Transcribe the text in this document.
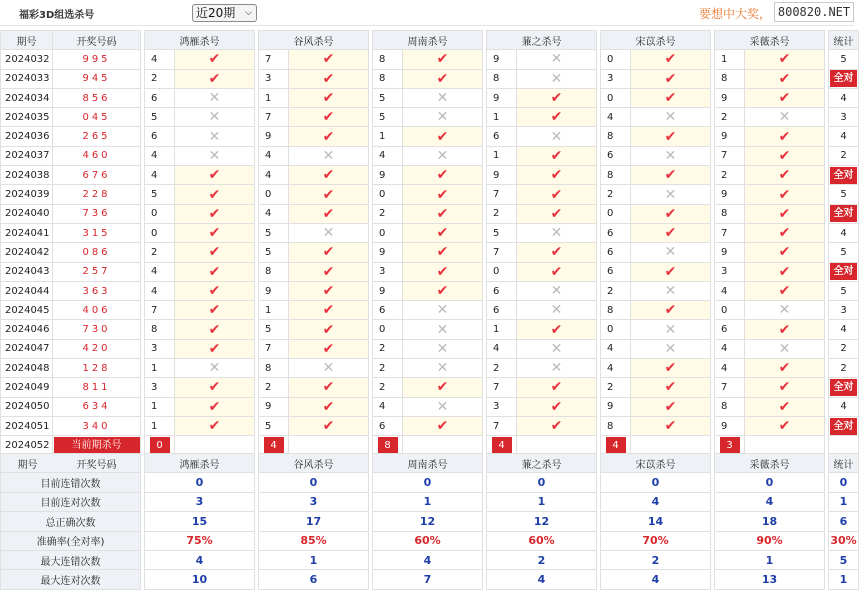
福彩3D组选杀号	近20期 ⌵	要想中大奖， 800820.NET
期号	开奖号码		鸿雁杀号			谷风杀号			周南杀号			蒹之杀号			宋苡杀号			采薇杀号			统计
2024032	995		4	✔		7	✔		8	✔		9	✕		0	✔		1	✔		5
2024033	945		2	✔		3	✔		8	✔		8	✕		3	✔		8	✔		全对
2024034	856		6	✕		1	✔		5	✕		9	✔		0	✔		9	✔		4
2024035	045		5	✕		7	✔		5	✕		1	✔		4	✕		2	✕		3
2024036	265		6	✕		9	✔		1	✔		6	✕		8	✔		9	✔		4
2024037	460		4	✕		4	✕		4	✕		1	✔		6	✕		7	✔		2
2024038	676		4	✔		4	✔		9	✔		9	✔		8	✔		2	✔		全对
2024039	228		5	✔		0	✔		0	✔		7	✔		2	✕		9	✔		5
2024040	736		0	✔		4	✔		2	✔		2	✔		0	✔		8	✔		全对
2024041	315		0	✔		5	✕		0	✔		5	✕		6	✔		7	✔		4
2024042	086		2	✔		5	✔		9	✔		7	✔		6	✕		9	✔		5
2024043	257		4	✔		8	✔		3	✔		0	✔		6	✔		3	✔		全对
2024044	363		4	✔		9	✔		9	✔		6	✕		2	✕		4	✔		5
2024045	406		7	✔		1	✔		6	✕		6	✕		8	✔		0	✕		3
2024046	730		8	✔		5	✔		0	✕		1	✔		0	✕		6	✔		4
2024047	420		3	✔		7	✔		2	✕		4	✕		4	✕		4	✕		2
2024048	128		1	✕		8	✕		2	✕		2	✕		4	✔		4	✔		2
2024049	811		3	✔		2	✔		2	✔		7	✔		2	✔		7	✔		全对
2024050	634		1	✔		9	✔		4	✕		3	✔		9	✔		8	✔		4
2024051	340		1	✔		5	✔		6	✔		7	✔		8	✔		9	✔		全对
2024052	当前期杀号		0			4			8			4			4			3			
期号 开奖号码		鸿雁杀号		谷风杀号		周南杀号		蒹之杀号		宋苡杀号		采薇杀号		统计
目前连错次数		0		0		0		0		0		0		0
目前连对次数		3		3		1		1		4		4		1
总正确次数		15		17		12		12		14		18		6
准确率(全对率)		75%		85%		60%		60%		70%		90%		30%
最大连错次数		4		1		4		2		2		1		5
最大连对次数		10		6		7		4		4		13		1
